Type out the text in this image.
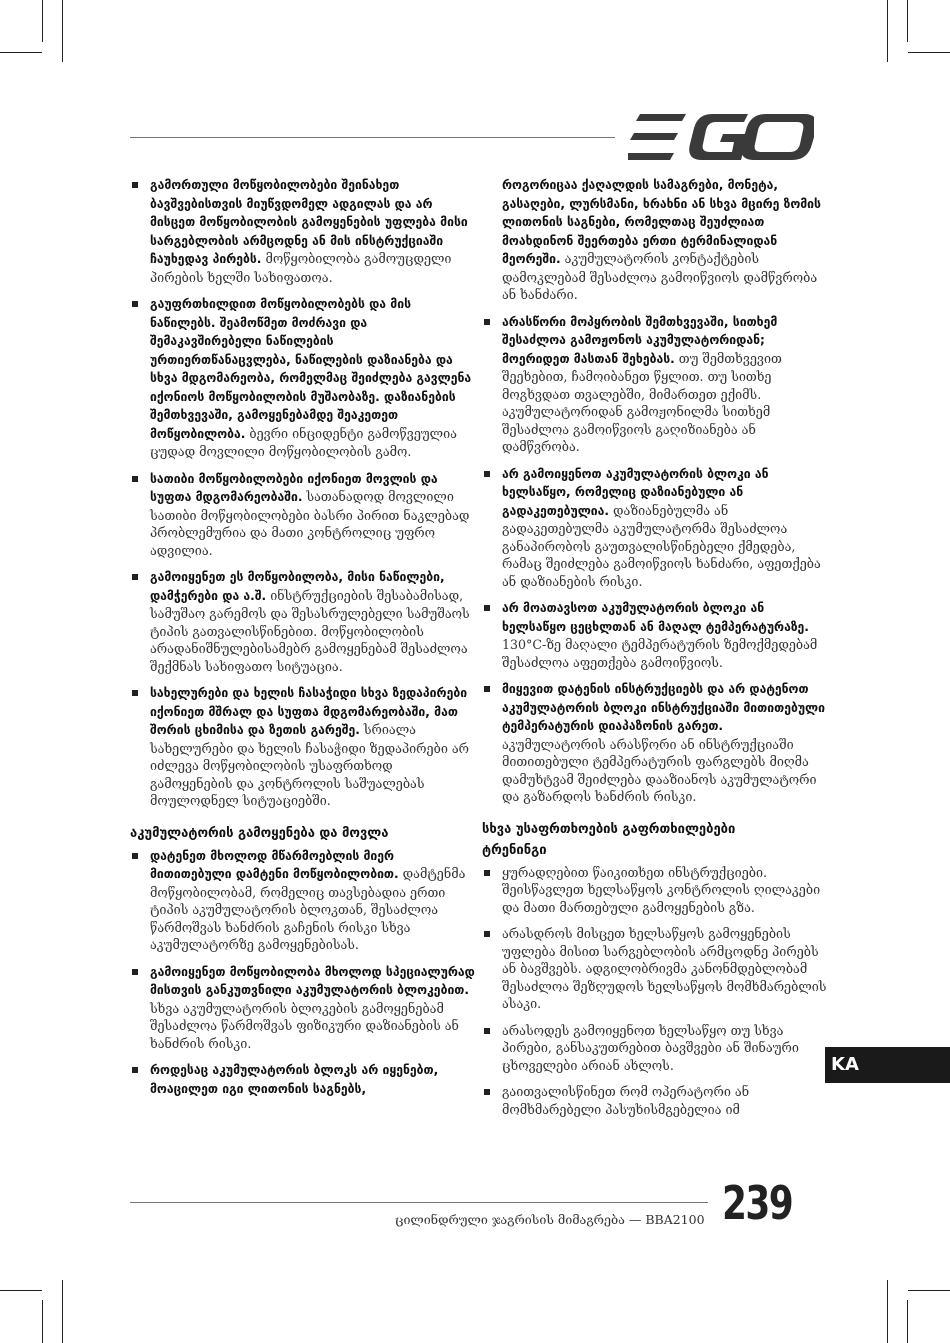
გამორთული მოწყობილობები შეინახეთ ბავშვებისთვის მიუწვდომელ ადგილას და არ მისცეთ მოწყობილობის გამოყენების უფლება მისი სარგებლობის არმცოდნე ან მის ინსტრუქციაში ჩაუხედავ პირებს. მოწყობილობა გამოუცდელი პირების ხელში სახიფათოა.
გაუფრთხილდით მოწყობილობებს და მის ნაწილებს. შეამოწმეთ მოძრავი და შემაკავშირებელი ნაწილების ურთიერთწანაცვლება, ნაწილების დაზიანება და სხვა მდგომარეობა, რომელმაც შეიძლება გავლენა იქონიოს მოწყობილობის მუშაობაზე. დაზიანების შემთხვევაში, გამოყენებამდე შეაკეთეთ მოწყობილობა. ბევრი ინციდენტი გამოწვეულია ცუდად მოვლილი მოწყობილობის გამო.
სათიბი მოწყობილობები იქონიეთ მოვლის და სუფთა მდგომარეობაში. სათანადოდ მოვლილი სათიბი მოწყობილობები ბასრი პირით ნაკლებად პრობლემურია და მათი კონტროლიც უფრო ადვილია.
გამოიყენეთ ეს მოწყობილობა, მისი ნაწილები, დამჭერები და ა.შ. ინსტრუქციების შესაბამისად, სამუშაო გარემოს და შესასრულებელი სამუშაოს ტიპის გათვალისწინებით. მოწყობილობის არადანიშნულებისამებრ გამოყენებამ შესაძლოა შექმნას სახიფათო სიტუაცია.
სახელურები და ხელის ჩასაჭიდი სხვა ზედაპირები იქონიეთ მშრალ და სუფთა მდგომარეობაში, მათ შორის ცხიმისა და ზეთის გარეშე. სრიალა სახელურები და ხელის ჩასაჭიდი ზედაპირები არ იძლევა მოწყობილობის უსაფრთხოდ გამოყენების და კონტროლის საშუალებას მოულოდნელ სიტუაციებში.
აკუმულატორის გამოყენება და მოვლა
დატენეთ მხოლოდ მწარმოებლის მიერ მითითებული დამტენი მოწყობილობით. დამტენმა მოწყობილობამ, რომელიც თავსებადია ერთი ტიპის აკუმულატორის ბლოკთან, შესაძლოა წარმოშვას ხანძრის გაჩენის რისკი სხვა აკუმულატორზე გამოყენებისას.
გამოიყენეთ მოწყობილობა მხოლოდ სპეციალურად მისთვის განკუთვნილი აკუმულატორის ბლოკებით. სხვა აკუმულატორის ბლოკების გამოყენებამ შესაძლოა წარმოშვას ფიზიკური დაზიანების ან ხანძრის რისკი.
როდესაც აკუმულატორის ბლოკს არ იყენებთ, მოაცილეთ იგი ლითონის საგნებს,
როგორიცაა ქაღალდის სამაგრები, მონეტა, გასაღები, ლურსმანი, ხრახნი ან სხვა მცირე ზომის ლითონის საგნები, რომელთაც შეუძლიათ მოახდინონ შეერთება ერთი ტერმინალიდან მეორეში. აკუმულატორის კონტაქტების დამოკლებამ შესაძლოა გამოიწვიოს დამწვრობა ან ხანძარი.
არასწორი მოპყრობის შემთხვევაში, სითხემ შესაძლოა გამოჟონოს აკუმულატორიდან; მოერიდეთ მასთან შეხებას. თუ შემთხვევით შეეხებით, ჩამოიბანეთ წყლით. თუ სითხე მოგხვდათ თვალებში, მიმართეთ ექიმს. აკუმულატორიდან გამოჟონილმა სითხემ შესაძლოა გამოიწვიოს გაღიზიანება ან დამწვრობა.
არ გამოიყენოთ აკუმულატორის ბლოკი ან ხელსაწყო, რომელიც დაზიანებული ან გადაკეთებულია. დაზიანებულმა ან გადაკეთებულმა აკუმულატორმა შესაძლოა განაპირობოს გაუთვალისწინებელი ქმედება, რამაც შეიძლება გამოიწვიოს ხანძარი, აფეთქება ან დაზიანების რისკი.
არ მოათავსოთ აკუმულატორის ბლოკი ან ხელსაწყო ცეცხლთან ან მაღალ ტემპერატურაზე. 130°C-ზე მაღალი ტემპერატურის ზემოქმედებამ შესაძლოა აფეთქება გამოიწვიოს.
მიყევით დატენის ინსტრუქციებს და არ დატენოთ აკუმულატორის ბლოკი ინსტრუქციაში მითითებული ტემპერატურის დიაპაზონის გარეთ. აკუმულატორის არასწორი ან ინსტრუქციაში მითითებული ტემპერატურის ფარგლებს მიღმა დამუხტვამ შეიძლება დააზიანოს აკუმულატორი და გაზარდოს ხანძრის რისკი.
სხვა უსაფრთხოების გაფრთხილებები
ტრენინგი
ყურადღებით წაიკითხეთ ინსტრუქციები. შეისწავლეთ ხელსაწყოს კონტროლის ღილაკები და მათი მართებული გამოყენების გზა.
არასდროს მისცეთ ხელსაწყოს გამოყენების უფლება მისით სარგებლობის არმცოდნე პირებს ან ბავშვებს. ადგილობრივმა კანონმდებლობამ შესაძლოა შეზღუდოს ხელსაწყოს მომხმარებლის ასაკი.
არასოდეს გამოიყენოთ ხელსაწყო თუ სხვა პირები, განსაკუთრებით ბავშვები ან შინაური ცხოველები არიან ახლოს.
გაითვალისწინეთ რომ ოპერატორი ან მომხმარებელი პასუხისმგებელია იმ
KA
ცილინდრული ჯაგრისის მიმაგრება — BBA2100 239
